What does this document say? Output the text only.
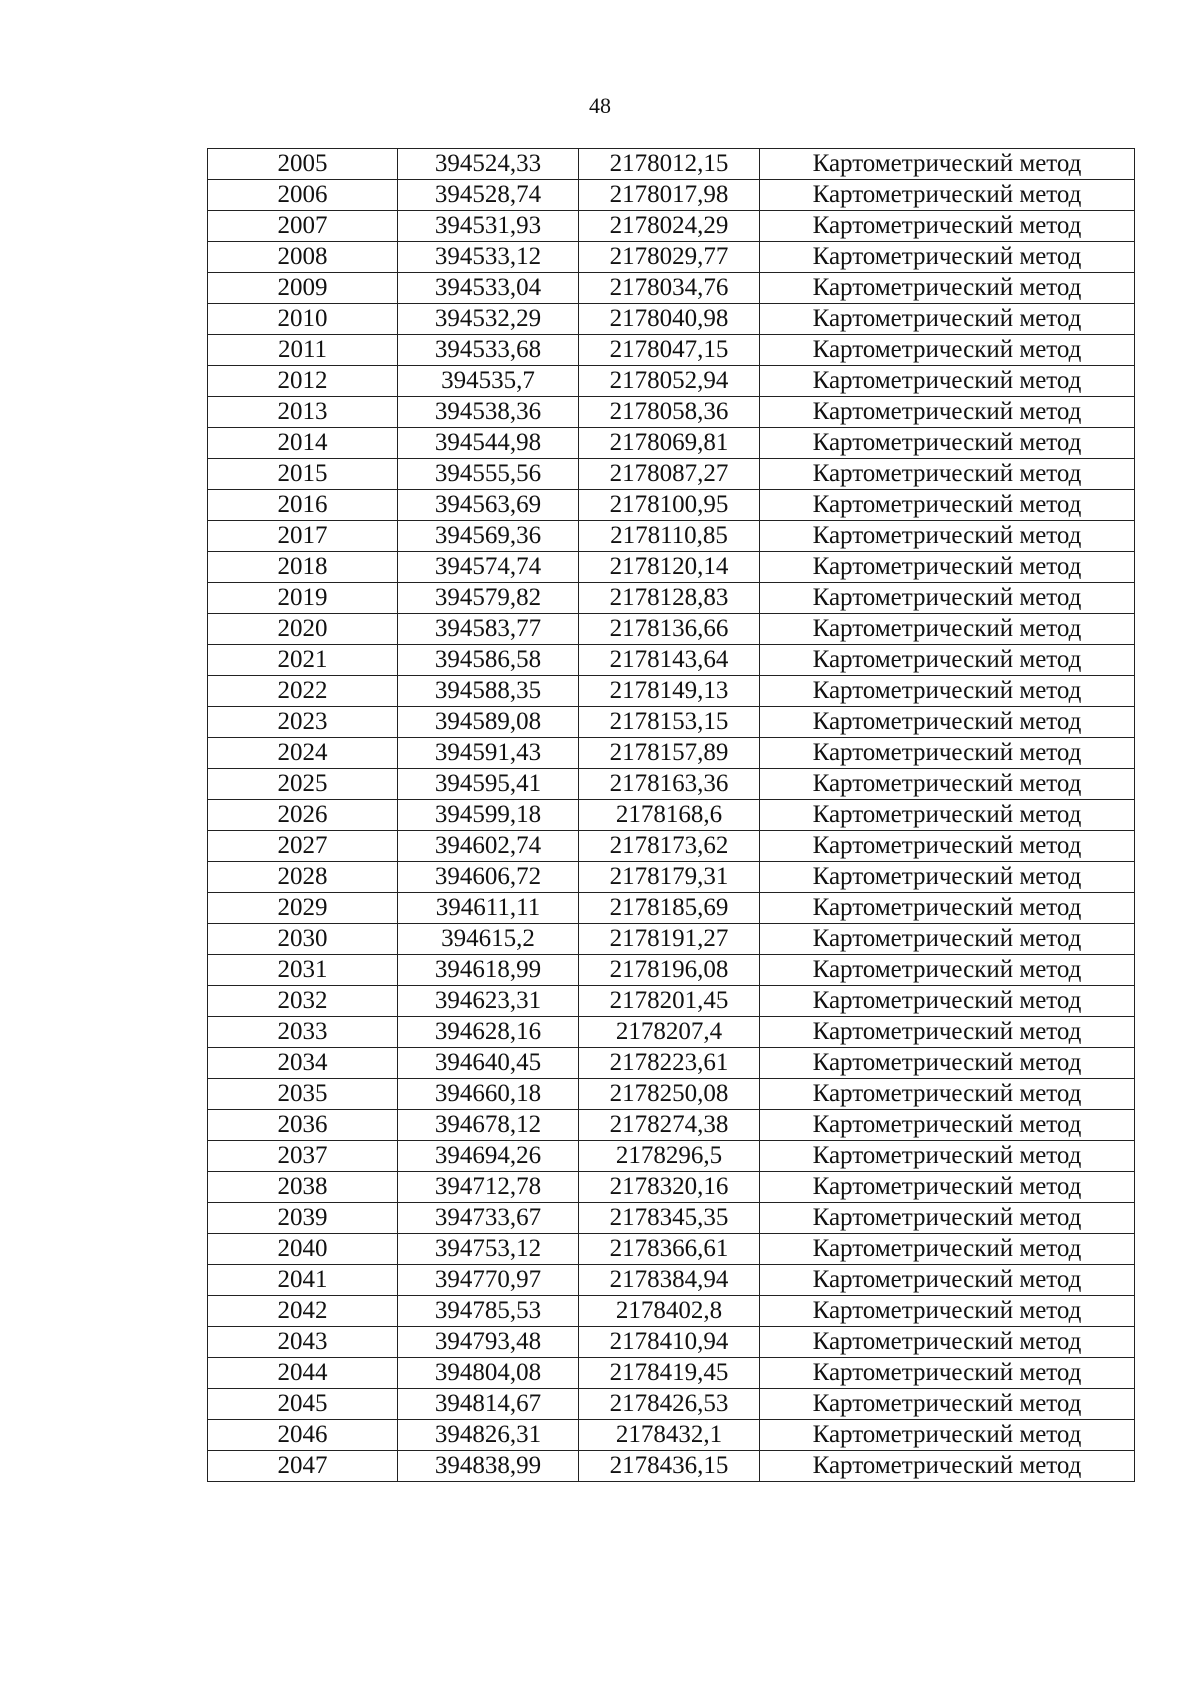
48
2005	394524,33	2178012,15	Картометрический метод
2006	394528,74	2178017,98	Картометрический метод
2007	394531,93	2178024,29	Картометрический метод
2008	394533,12	2178029,77	Картометрический метод
2009	394533,04	2178034,76	Картометрический метод
2010	394532,29	2178040,98	Картометрический метод
2011	394533,68	2178047,15	Картометрический метод
2012	394535,7	2178052,94	Картометрический метод
2013	394538,36	2178058,36	Картометрический метод
2014	394544,98	2178069,81	Картометрический метод
2015	394555,56	2178087,27	Картометрический метод
2016	394563,69	2178100,95	Картометрический метод
2017	394569,36	2178110,85	Картометрический метод
2018	394574,74	2178120,14	Картометрический метод
2019	394579,82	2178128,83	Картометрический метод
2020	394583,77	2178136,66	Картометрический метод
2021	394586,58	2178143,64	Картометрический метод
2022	394588,35	2178149,13	Картометрический метод
2023	394589,08	2178153,15	Картометрический метод
2024	394591,43	2178157,89	Картометрический метод
2025	394595,41	2178163,36	Картометрический метод
2026	394599,18	2178168,6	Картометрический метод
2027	394602,74	2178173,62	Картометрический метод
2028	394606,72	2178179,31	Картометрический метод
2029	394611,11	2178185,69	Картометрический метод
2030	394615,2	2178191,27	Картометрический метод
2031	394618,99	2178196,08	Картометрический метод
2032	394623,31	2178201,45	Картометрический метод
2033	394628,16	2178207,4	Картометрический метод
2034	394640,45	2178223,61	Картометрический метод
2035	394660,18	2178250,08	Картометрический метод
2036	394678,12	2178274,38	Картометрический метод
2037	394694,26	2178296,5	Картометрический метод
2038	394712,78	2178320,16	Картометрический метод
2039	394733,67	2178345,35	Картометрический метод
2040	394753,12	2178366,61	Картометрический метод
2041	394770,97	2178384,94	Картометрический метод
2042	394785,53	2178402,8	Картометрический метод
2043	394793,48	2178410,94	Картометрический метод
2044	394804,08	2178419,45	Картометрический метод
2045	394814,67	2178426,53	Картометрический метод
2046	394826,31	2178432,1	Картометрический метод
2047	394838,99	2178436,15	Картометрический метод
